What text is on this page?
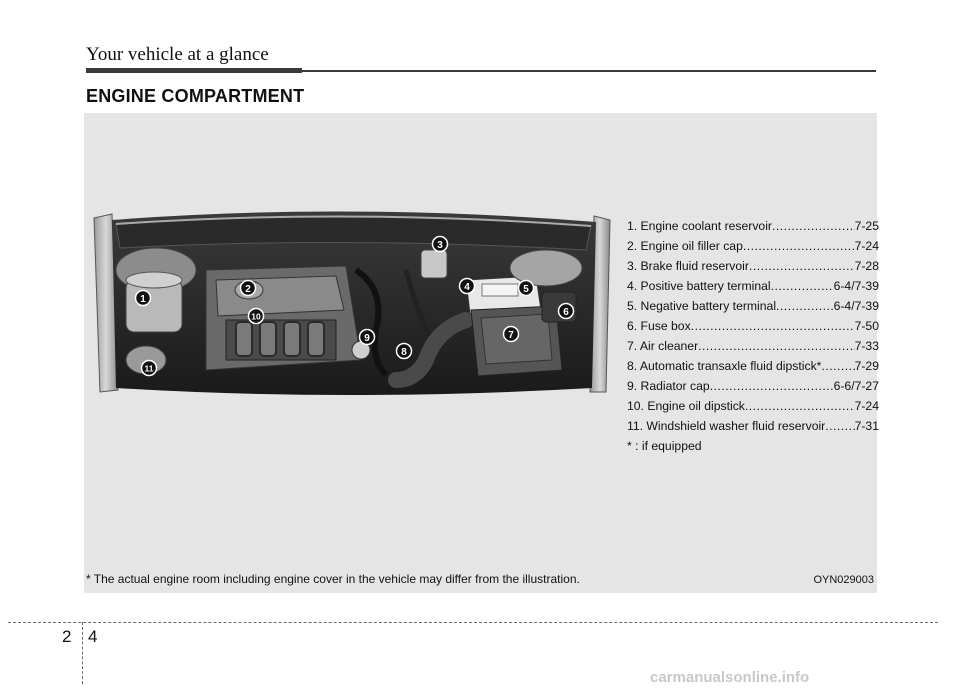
Your vehicle at a glance
ENGINE COMPARTMENT
1
2
3
4	5
6
7
8
9
10
11
1. Engine coolant reservoir .....	7-25
2. Engine oil filler cap .....	7-24
3. Brake fluid reservoir .....	7-28
4. Positive battery terminal .....	6-4/7-39
5. Negative battery terminal .....	6-4/7-39
6. Fuse box .....	7-50
7. Air cleaner .....	7-33
8. Automatic transaxle fluid dipstick* .....	7-29
9. Radiator cap .....	6-6/7-27
10. Engine oil dipstick .....	7-24
11. Windshield washer fluid reservoir ..... 7-31
* : if equipped
* The actual engine room including engine cover in the vehicle may differ from the illustration.	OYN029003
2 4
carmanualsonline.info
